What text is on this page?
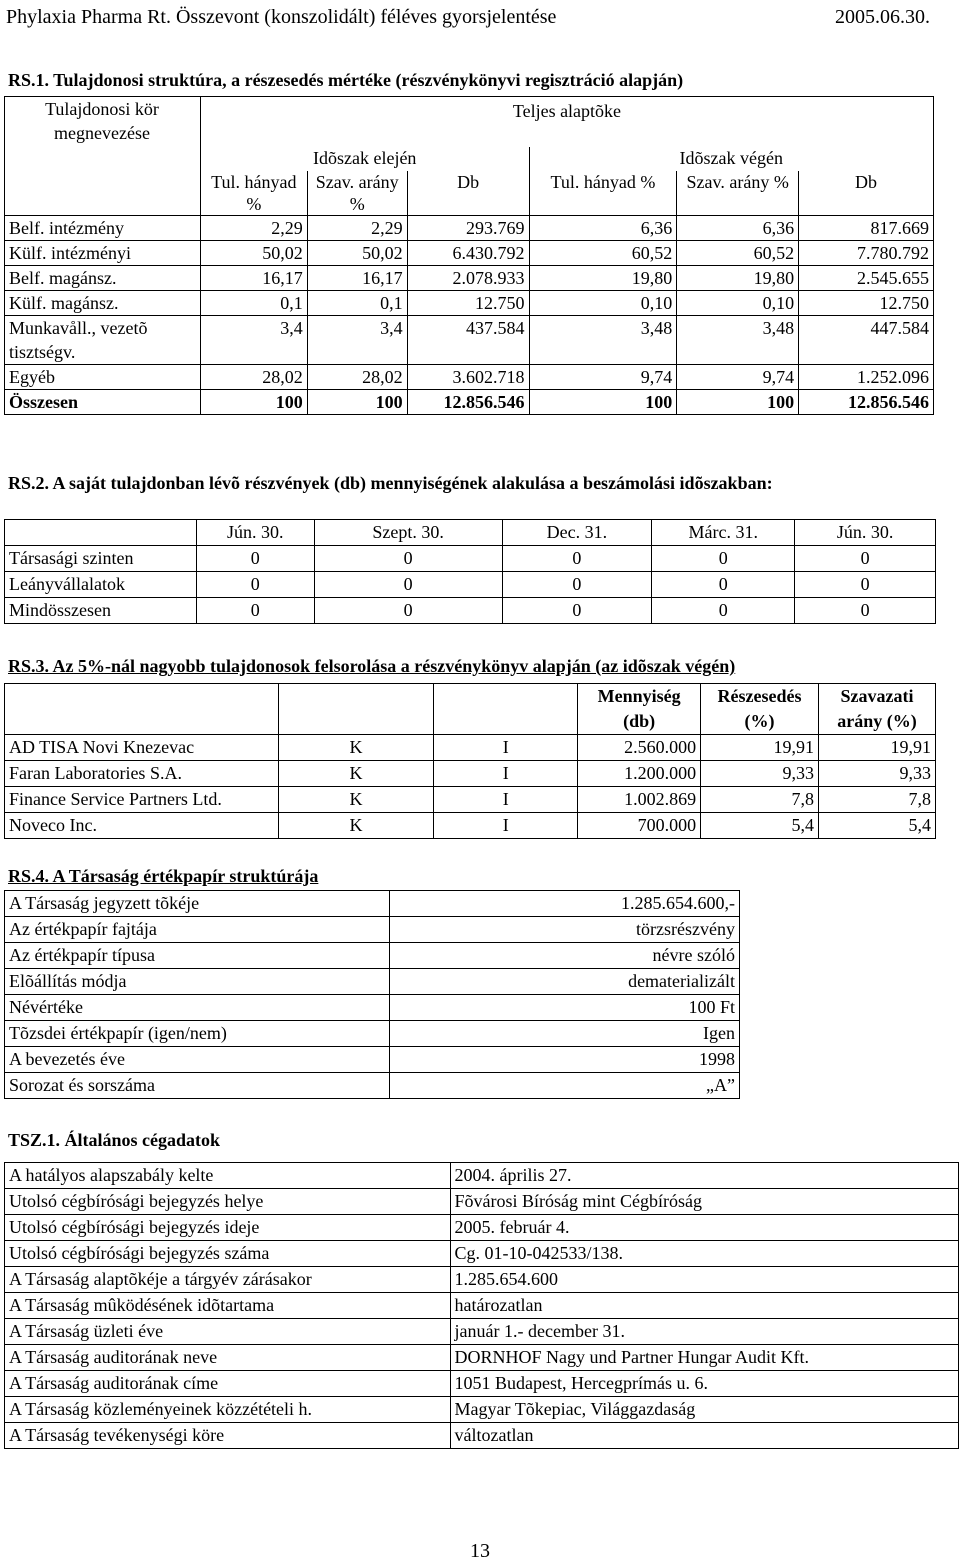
Phylaxia Pharma Rt. Összevont (konszolidált) féléves gyorsjelentése	2005.06.30.
RS.1. Tulajdonosi struktúra, a részesedés mértéke (részvénykönyvi regisztráció alapján)
Tulajdonosi kör megnevezése	Teljes alaptõke					

	Idõszak elején			Idõszak végén		
	Tul. hányad %	Szav. arány %	Db	Tul. hányad %	Szav. arány %	Db
Belf. intézmény	2,29	2,29	293.769	6,36	6,36	817.669
Külf. intézményi	50,02	50,02	6.430.792	60,52	60,52	7.780.792
Belf. magánsz.	16,17	16,17	2.078.933	19,80	19,80	2.545.655
Külf. magánsz.	0,1	0,1	12.750	0,10	0,10	12.750
Munkavåll., vezetõ tisztségv.	3,4	3,4	437.584	3,48	3,48	447.584
Egyéb	28,02	28,02	3.602.718	9,74	9,74	1.252.096
Összesen	100	100	12.856.546	100	100	12.856.546
RS.2. A saját tulajdonban lévõ részvények (db) mennyiségének alakulása a beszámolási idõszakban:
	Jún. 30.	Szept. 30.	Dec. 31.	Márc. 31.	Jún. 30.
Társasági szinten	0	0	0	0	0
Leányvállalatok	0	0	0	0	0
Mindösszesen	0	0	0	0	0
RS.3. Az 5%-nál nagyobb tulajdonosok felsorolása a részvénykönyv alapján (az idõszak végén)
			Mennyiség (db)	Részesedés (%)	Szavazati arány (%)
AD TISA Novi Knezevac	K	I	2.560.000	19,91	19,91
Faran Laboratories S.A.	K	I	1.200.000	9,33	9,33
Finance Service Partners Ltd.	K	I	1.002.869	7,8	7,8
Noveco Inc.	K	I	700.000	5,4	5,4
RS.4. A Társaság értékpapír struktúrája
A Társaság jegyzett tõkéje	1.285.654.600,-
Az értékpapír fajtája	törzsrészvény
Az értékpapír típusa	névre szóló
Elõállítás módja	dematerializált
Névértéke	100 Ft
Tõzsdei értékpapír (igen/nem)	Igen
A bevezetés éve	1998
Sorozat és sorszáma	„A”
TSZ.1. Általános cégadatok
A hatályos alapszabály kelte	2004. április 27.
Utolsó cégbírósági bejegyzés helye	Fõvárosi Bíróság mint Cégbíróság
Utolsó cégbírósági bejegyzés ideje	2005. február 4.
Utolsó cégbírósági bejegyzés száma	Cg. 01-10-042533/138.
A Társaság alaptõkéje a tárgyév zárásakor	1.285.654.600
A Társaság mûködésének idõtartama	határozatlan
A Társaság üzleti éve	január 1.- december 31.
A Társaság auditorának neve	DORNHOF Nagy und Partner Hungar Audit Kft.
A Társaság auditorának címe	1051 Budapest, Hercegprímás u. 6.
A Társaság közleményeinek közzétételi h.	Magyar Tõkepiac, Világgazdaság
A Társaság tevékenységi köre	változatlan
13
